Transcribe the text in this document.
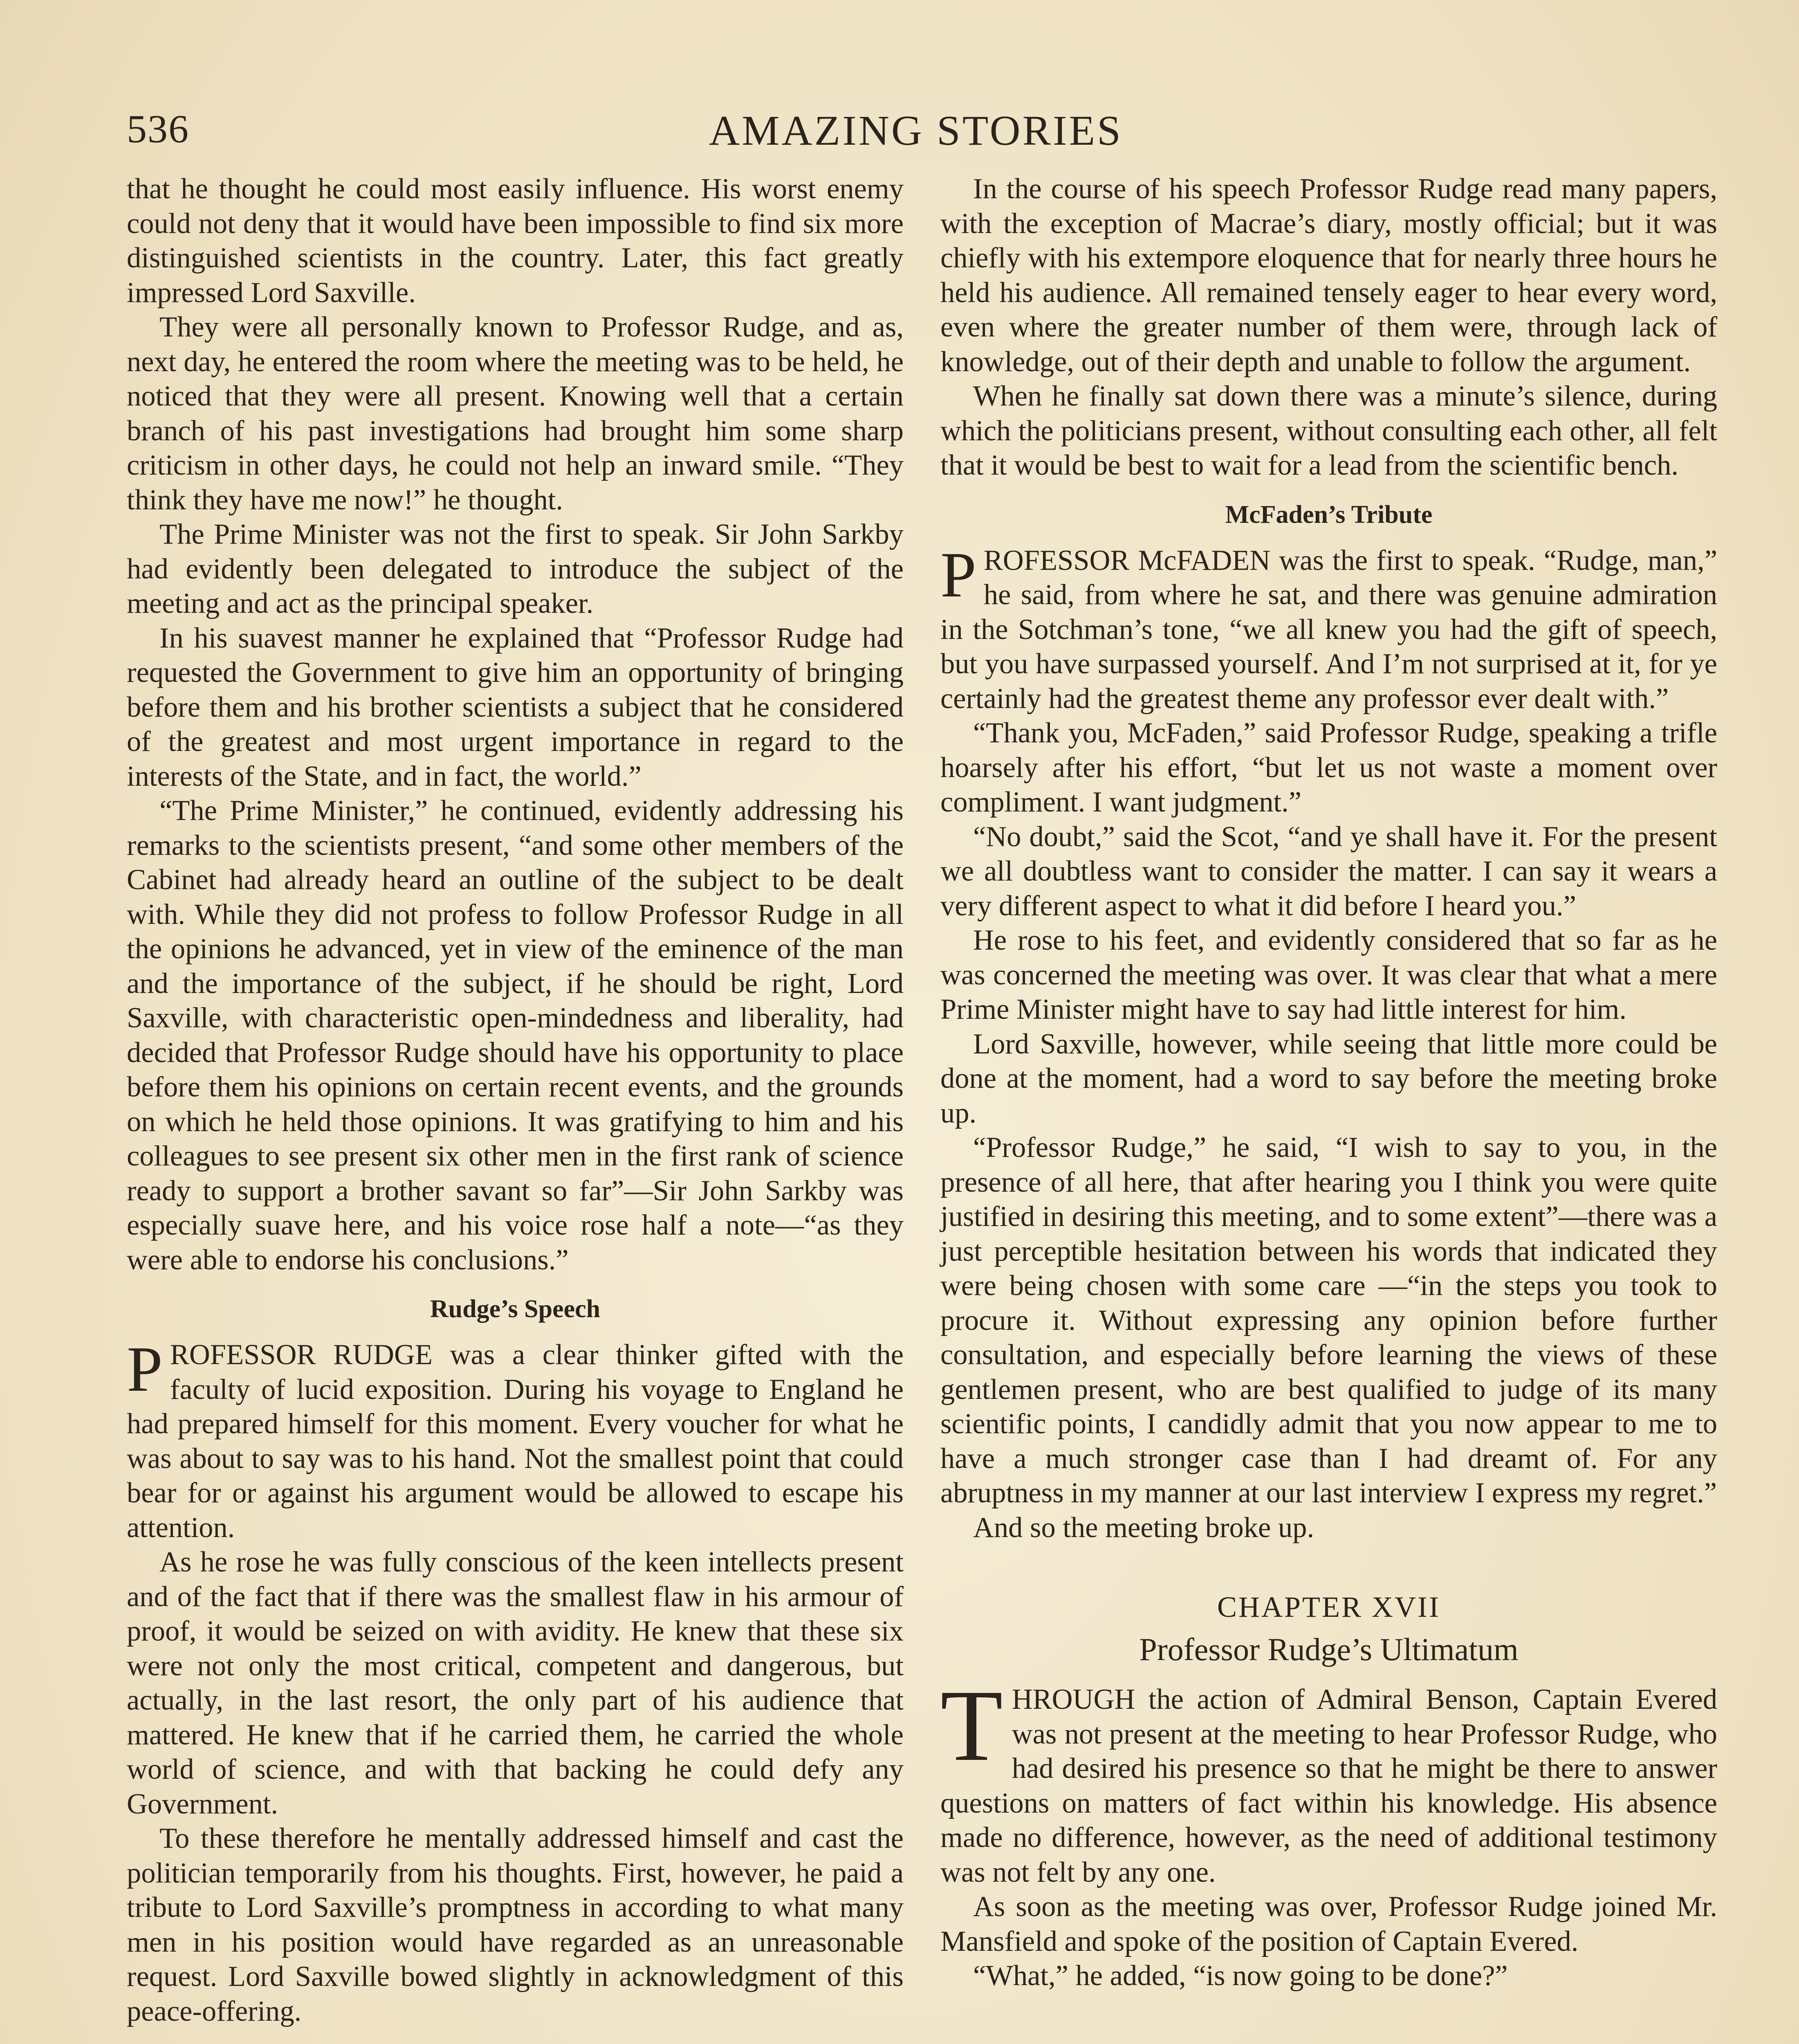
536	AMAZING STORIES

that he thought he could most easily influence. His worst enemy could not deny that it would have been impossible to find six more distinguished scientists in the country. Later, this fact greatly impressed Lord Saxville.

They were all personally known to Professor Rudge, and as, next day, he entered the room where the meeting was to be held, he noticed that they were all present. Knowing well that a certain branch of his past investigations had brought him some sharp criticism in other days, he could not help an inward smile. “They think they have me now!” he thought.

The Prime Minister was not the first to speak. Sir John Sarkby had evidently been delegated to introduce the subject of the meeting and act as the principal speaker.

In his suavest manner he explained that “Professor Rudge had requested the Government to give him an opportunity of bringing before them and his brother scientists a subject that he considered of the greatest and most urgent importance in regard to the interests of the State, and in fact, the world.”

“The Prime Minister,” he continued, evidently addressing his remarks to the scientists present, “and some other members of the Cabinet had already heard an outline of the subject to be dealt with. While they did not profess to follow Professor Rudge in all the opinions he advanced, yet in view of the eminence of the man and the importance of the subject, if he should be right, Lord Saxville, with characteristic open-mindedness and liberality, had decided that Professor Rudge should have his opportunity to place before them his opinions on certain recent events, and the grounds on which he held those opinions. It was gratifying to him and his colleagues to see present six other men in the first rank of science ready to support a brother savant so far”—Sir John Sarkby was especially suave here, and his voice rose half a note—“as they were able to endorse his conclusions.”

Rudge’s Speech

PROFESSOR RUDGE was a clear thinker gifted with the faculty of lucid exposition. During his voyage to England he had prepared himself for this moment. Every voucher for what he was about to say was to his hand. Not the smallest point that could bear for or against his argument would be allowed to escape his attention.

As he rose he was fully conscious of the keen intellects present and of the fact that if there was the smallest flaw in his armour of proof, it would be seized on with avidity. He knew that these six were not only the most critical, competent and dangerous, but actually, in the last resort, the only part of his audience that mattered. He knew that if he carried them, he carried the whole world of science, and with that backing he could defy any Government.

To these therefore he mentally addressed himself and cast the politician temporarily from his thoughts. First, however, he paid a tribute to Lord Saxville’s promptness in according to what many men in his position would have regarded as an unreasonable request. Lord Saxville bowed slightly in acknowledgment of this peace-offering.

In the course of his speech Professor Rudge read many papers, with the exception of Macrae’s diary, mostly official; but it was chiefly with his extempore eloquence that for nearly three hours he held his audience. All remained tensely eager to hear every word, even where the greater number of them were, through lack of knowledge, out of their depth and unable to follow the argument.

When he finally sat down there was a minute’s silence, during which the politicians present, without consulting each other, all felt that it would be best to wait for a lead from the scientific bench.

McFaden’s Tribute

PROFESSOR McFADEN was the first to speak. “Rudge, man,” he said, from where he sat, and there was genuine admiration in the Sotchman’s tone, “we all knew you had the gift of speech, but you have surpassed yourself. And I’m not surprised at it, for ye certainly had the greatest theme any professor ever dealt with.”

“Thank you, McFaden,” said Professor Rudge, speaking a trifle hoarsely after his effort, “but let us not waste a moment over compliment. I want judgment.”

“No doubt,” said the Scot, “and ye shall have it. For the present we all doubtless want to consider the matter. I can say it wears a very different aspect to what it did before I heard you.”

He rose to his feet, and evidently considered that so far as he was concerned the meeting was over. It was clear that what a mere Prime Minister might have to say had little interest for him.

Lord Saxville, however, while seeing that little more could be done at the moment, had a word to say before the meeting broke up.

“Professor Rudge,” he said, “I wish to say to you, in the presence of all here, that after hearing you I think you were quite justified in desiring this meeting, and to some extent”—there was a just perceptible hesitation between his words that indicated they were being chosen with some care —“in the steps you took to procure it. Without expressing any opinion before further consultation, and especially before learning the views of these gentlemen present, who are best qualified to judge of its many scientific points, I candidly admit that you now appear to me to have a much stronger case than I had dreamt of. For any abruptness in my manner at our last interview I express my regret.”

And so the meeting broke up.

CHAPTER XVII
Professor Rudge’s Ultimatum

THROUGH the action of Admiral Benson, Captain Evered was not present at the meeting to hear Professor Rudge, who had desired his presence so that he might be there to answer questions on matters of fact within his knowledge. His absence made no difference, however, as the need of additional testimony was not felt by any one.

As soon as the meeting was over, Professor Rudge joined Mr. Mansfield and spoke of the position of Captain Evered.

“What,” he added, “is now going to be done?”
